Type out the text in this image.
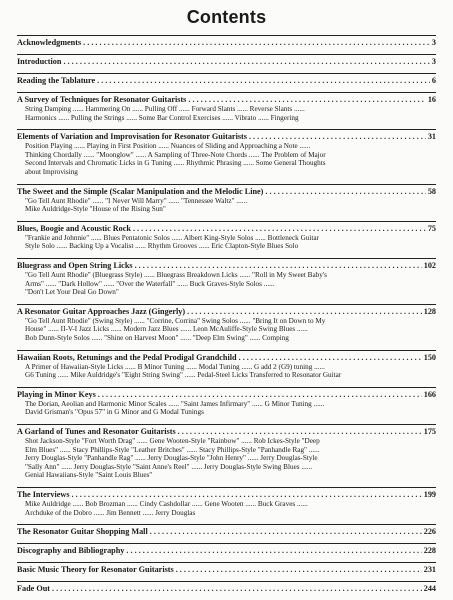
Contents
Acknowledgments . . .	3
Introduction . . .	3
Reading the Tablature . . .	6
A Survey of Techniques for Resonator Guitarists . . .	16
String Damping ...... Hammering On ...... Pulling Off ...... Forward Slants ...... Reverse Slants ......
Harmonics ...... Pulling the Strings ...... Some Bar Control Exercises ...... Vibrato ...... Fingering
Elements of Variation and Improvisation for Resonator Guitarists . . .	31
Position Playing ...... Playing in First Position ...... Nuances of Sliding and Approaching a Note ......
Thinking Chordally ...... "Moonglow" ...... A Sampling of Three-Note Chords ...... The Problem of Major
Second Intervals and Chromatic Licks in G Tuning ...... Rhythmic Phrasing ...... Some General Thoughts
about Improvising
The Sweet and the Simple (Scalar Manipulation and the Melodic Line) . . .	58
"Go Tell Aunt Rhodie" ...... "I Never Will Marry" ...... "Tennessee Waltz" ......
Mike Auldridge-Style "House of the Rising Sun"
Blues, Boogie and Acoustic Rock . . .	75
"Frankie and Johnnie" ...... Blues Pentatonic Solos ...... Albert King-Style Solos ...... Bottleneck Guitar
Style Solo ...... Backing Up a Vocalist ...... Rhythm Grooves ...... Eric Clapton-Style Blues Solo
Bluegrass and Open String Licks . . .	102
"Go Tell Aunt Rhodie" (Bluegrass Style) ...... Bluegrass Breakdown Licks ...... "Roll in My Sweet Baby's
Arms" ...... "Dark Hollow" ...... "Over the Waterfall" ...... Buck Graves-Style Solos ......
"Don't Let Your Deal Go Down"
A Resonator Guitar Approaches Jazz (Gingerly) . . .	128
"Go Tell Aunt Rhodie" (Swing Style) ...... "Corrine, Corrina" Swing Solos ...... "Bring It on Down to My
House" ...... II-V-I Jazz Licks ...... Modern Jazz Blues ...... Leon McAuliffe-Style Swing Blues ......
Bob Dunn-Style Solos ...... "Shine on Harvest Moon" ...... "Deep Elm Swing" ...... Comping
Hawaiian Roots, Retunings and the Pedal Prodigal Grandchild . . .	150
A Primer of Hawaiian-Style Licks ...... B Minor Tuning ...... Modal Tuning ...... G add 2 (G9) tuning ......
G6 Tuning ...... Mike Auldridge's "Eight String Swing" ...... Pedal-Steel Licks Transferred to Resonator Guitar
Playing in Minor Keys . . .	166
The Dorian, Aeolian and Harmonic Minor Scales ...... "Saint James Infirmary" ...... G Minor Tuning ......
David Grisman's "Opus 57" in G Minor and G Modal Tunings
A Garland of Tunes and Resonator Guitarists . . .	175
Shot Jackson-Style "Fort Worth Drag" ...... Gene Wooten-Style "Rainbow" ...... Rob Ickes-Style "Deep
Elm Blues" ...... Stacy Phillips-Style "Leather Britches" ...... Stacy Phillips-Style "Panhandle Rag" ......
Jerry Douglas-Style "Panhandle Rag" ...... Jerry Douglas-Style "John Henry" ...... Jerry Douglas-Style
"Sally Ann" ...... Jerry Douglas-Style "Saint Anne's Reel" ...... Jerry Douglas-Style Swing Blues ......
Genial Hawaiians-Style "Saint Louis Blues"
The Interviews . . .	199
Mike Auldridge ...... Bob Brozman ...... Cindy Cashdollar ...... Gene Wooten ...... Buck Graves ......
Archduke of the Dobro ...... Jim Bennett ...... Jerry Douglas
The Resonator Guitar Shopping Mall . . .	226
Discography and Bibliography . . .	228
Basic Music Theory for Resonator Guitarists . . .	231
Fade Out . . .	244
